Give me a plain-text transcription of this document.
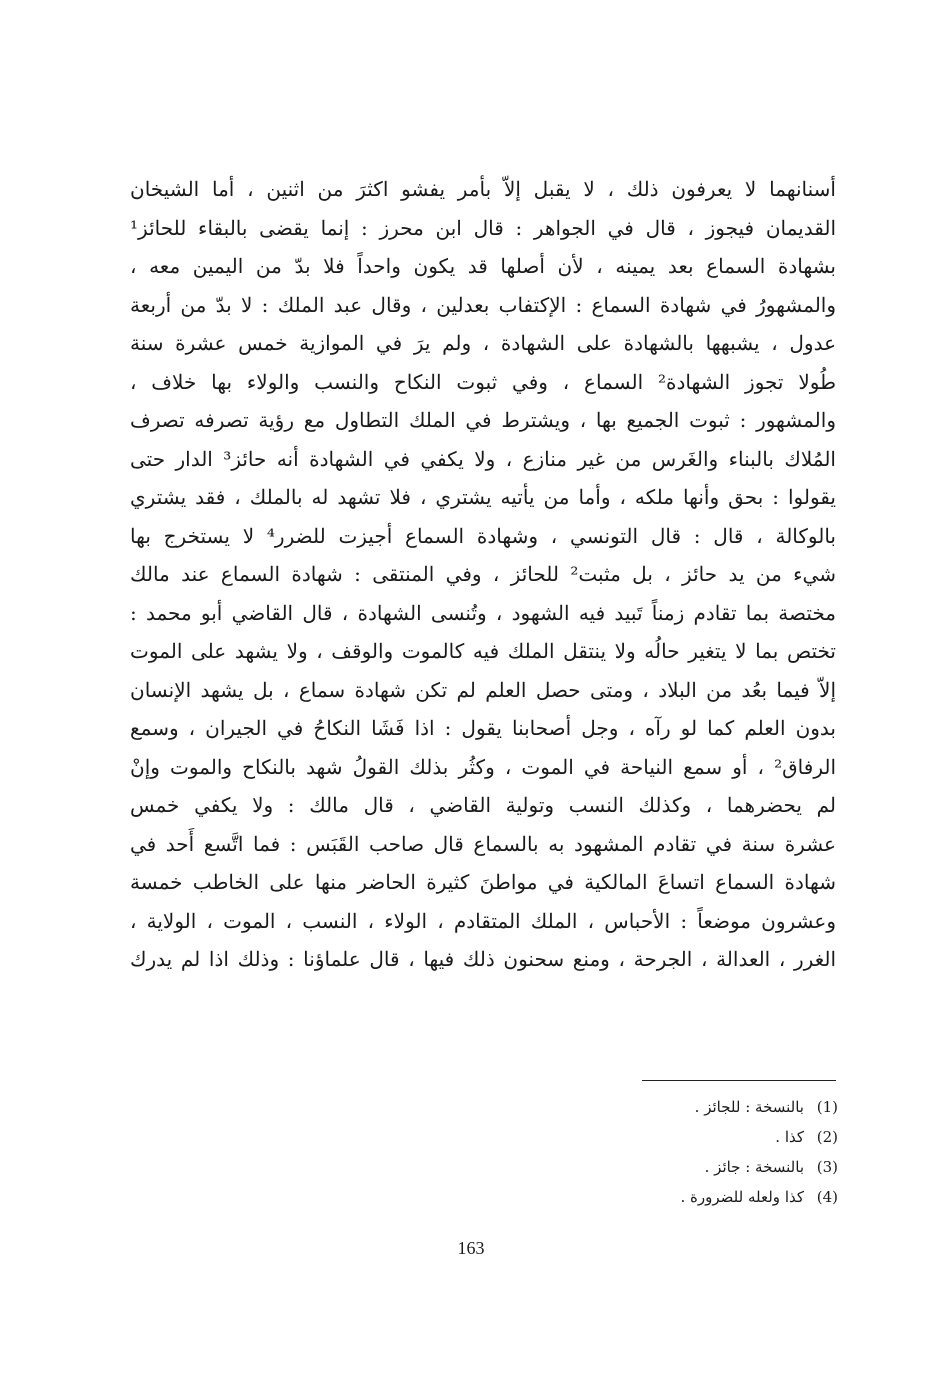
أسنانهما لا يعرفون ذلك ، لا يقبل إلاّ بأمر يفشو اكثرَ من اثنين ، أما الشيخان
القديمان فيجوز ، قال في الجواهر : قال ابن محرز : إنما يقضى بالبقاء للحائز¹
بشهادة السماع بعد يمينه ، لأن أصلها قد يكون واحداً فلا بدّ من اليمين معه ،
والمشهورُ في شهادة السماع : الإكتفاب بعدلين ، وقال عبد الملك : لا بدّ من أربعة
عدول ، يشبهها بالشهادة على الشهادة ، ولم يرَ في الموازية خمس عشرة سنة
طُولا تجوز الشهادة² السماع ، وفي ثبوت النكاح والنسب والولاء بها خلاف ،
والمشهور : ثبوت الجميع بها ، ويشترط في الملك التطاول مع رؤية تصرفه تصرف
المُلاك بالبناء والغَرس من غير منازع ، ولا يكفي في الشهادة أنه حائز³ الدار حتى
يقولوا : بحق وأنها ملكه ، وأما من يأتيه يشتري ، فلا تشهد له بالملك ، فقد يشتري
بالوكالة ، قال : قال التونسي ، وشهادة السماع أجيزت للضرر⁴ لا يستخرج بها
شيء من يد حائز ، بل مثبت² للحائز ، وفي المنتقى : شهادة السماع عند مالك
مختصة بما تقادم زمناً تَبيد فيه الشهود ، وتُنسى الشهادة ، قال القاضي أبو محمد :
تختص بما لا يتغير حالُه ولا ينتقل الملك فيه كالموت والوقف ، ولا يشهد على الموت
إلاّ فيما بعُد من البلاد ، ومتى حصل العلم لم تكن شهادة سماع ، بل يشهد الإنسان
بدون العلم كما لو رآه ، وجل أصحابنا يقول : اذا فَشَا النكاحُ في الجيران ، وسمع
الرفاق² ، أو سمع النياحة في الموت ، وكثُر بذلك القولُ شهد بالنكاح والموت وإنْ
لم يحضرهما ، وكذلك النسب وتولية القاضي ، قال مالك : ولا يكفي خمس
عشرة سنة في تقادم المشهود به بالسماع قال صاحب القَبَس : فما اتَّسع أَحد في
شهادة السماع اتساعَ المالكية في مواطنَ كثيرة الحاضر منها على الخاطب خمسة
وعشرون موضعاً : الأحباس ، الملك المتقادم ، الولاء ، النسب ، الموت ، الولاية ،
الغرر ، العدالة ، الجرحة ، ومنع سحنون ذلك فيها ، قال علماؤنا : وذلك اذا لم يدرك
(1)
بالنسخة : للجائز .
(2)
كذا .
(3)
بالنسخة : جائز .
(4)
كذا ولعله للضرورة .
163
